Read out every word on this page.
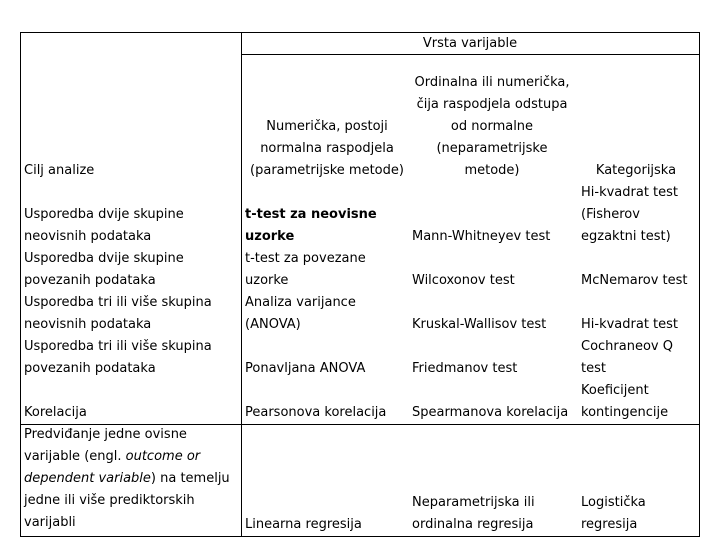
Vrsta varijable
Cilj analize
Numerička, postoji
normalna raspodjela
(parametrijske metode)
Ordinalna ili numerička,
čija raspodjela odstupa
od normalne
(neparametrijske
metode)	Kategorijska
Usporedba dvije skupine
neovisnih podataka
Usporedba dvije skupine
povezanih podataka
Usporedba tri ili više skupina
neovisnih podataka
Usporedba tri ili više skupina
povezanih podataka
Korelacija
Predviđanje jedne ovisne
varijable (engl. outcome or
dependent variable) na temelju
jedne ili više prediktorskih
varijabli
t-test za neovisne
uzorke
t-test za povezane
uzorke
Analiza varijance
(ANOVA)
Ponavljana ANOVA
Pearsonova korelacija
Linearna regresija
Mann-Whitneyev test
Wilcoxonov test
Kruskal-Wallisov test
Friedmanov test
Spearmanova korelacija
Neparametrijska ili
ordinalna regresija
Hi-kvadrat test
(Fisherov
egzaktni test)
McNemarov test
Hi-kvadrat test
Cochraneov Q
test
Koeficijent
kontingencije
Logistička
regresija
